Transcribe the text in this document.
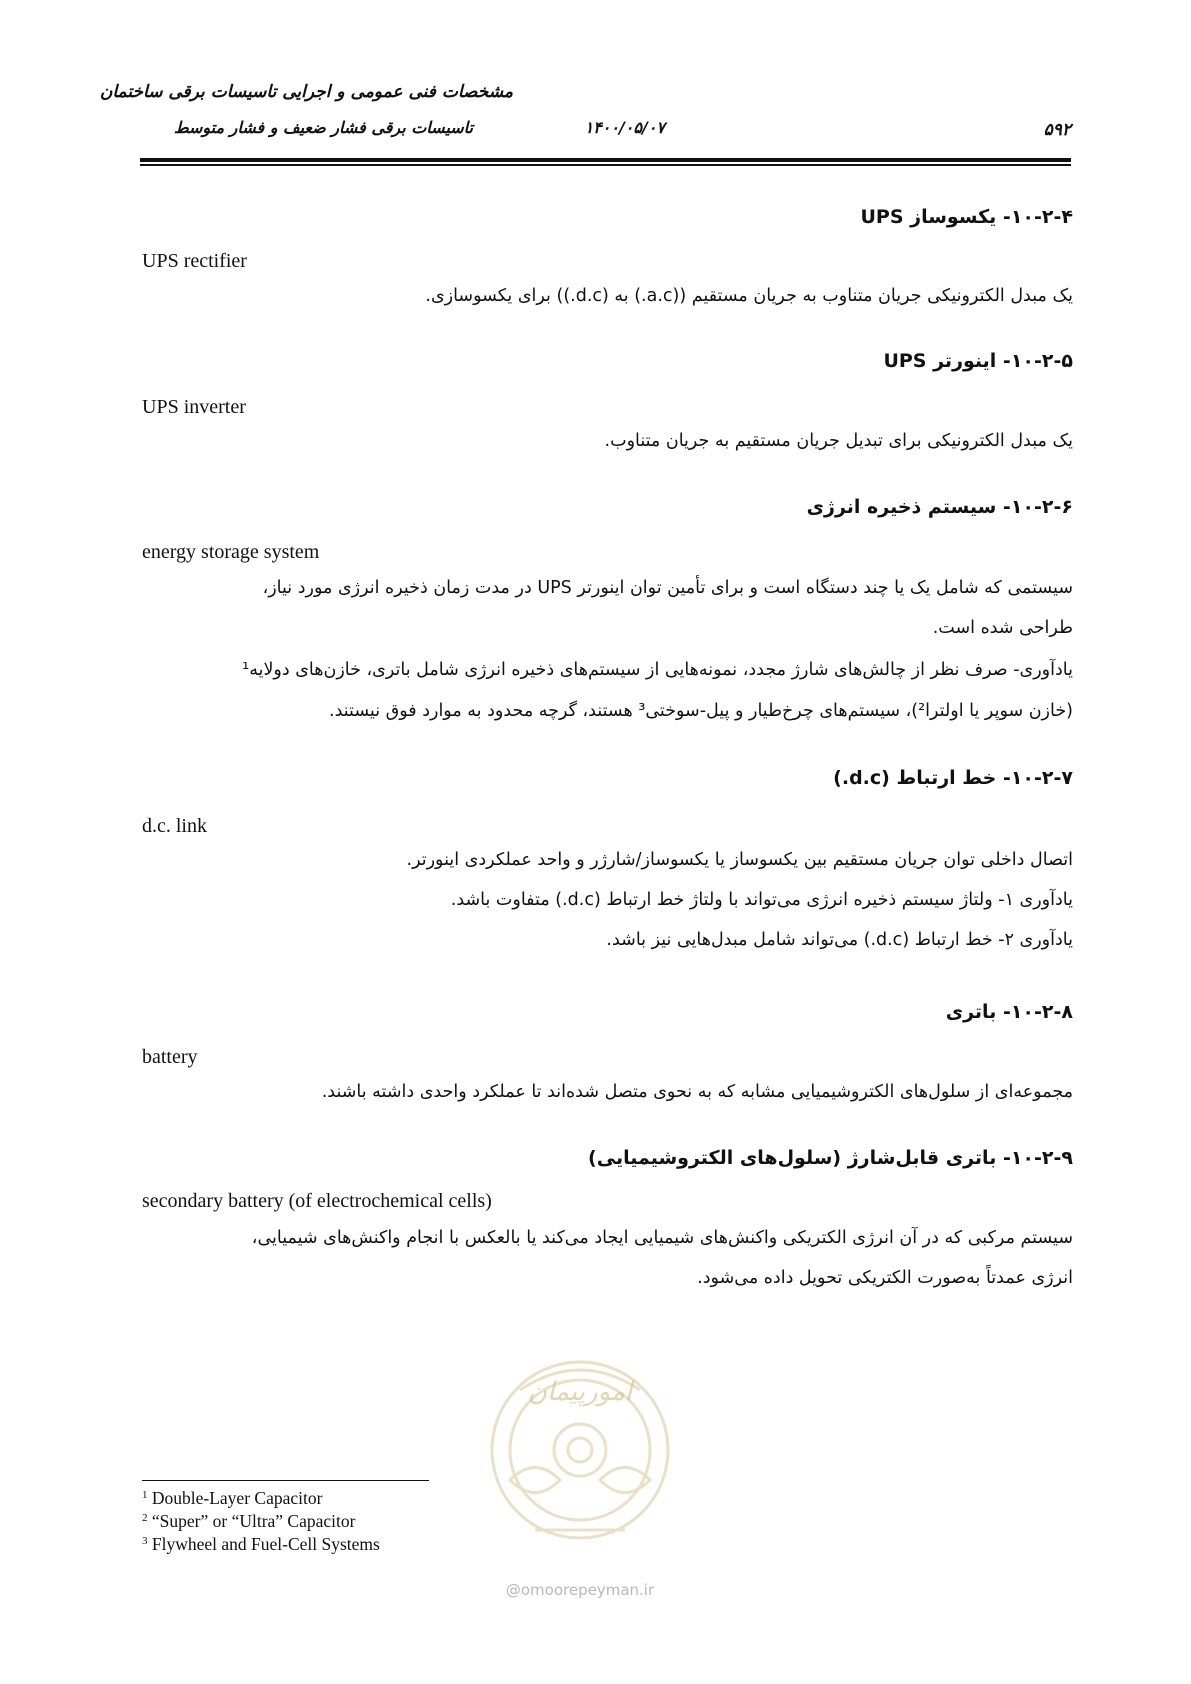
مشخصات فنی عمومی و اجرایی تاسیسات برقی ساختمان
تاسیسات برقی فشار ضعیف و فشار متوسط	۱۴۰۰/۰۵/۰۷	۵۹۲
امورپیمان
@omoorepeyman.ir
۱۰-۲-۴- یکسوساز UPS
UPS rectifier
یک مبدل الکترونیکی جریان متناوب به جریان مستقیم ((a.c.) به (d.c.)) برای یکسوسازی.
۱۰-۲-۵- اینورتر UPS
UPS inverter
یک مبدل الکترونیکی برای تبدیل جریان مستقیم به جریان متناوب.
۱۰-۲-۶- سیستم ذخیره انرژی
energy storage system
سیستمی که شامل یک یا چند دستگاه است و برای تأمین توان اینورتر UPS در مدت زمان ذخیره انرژی مورد نیاز،
طراحی شده است.
یادآوری- صرف نظر از چالش‌های شارژ مجدد، نمونه‌هایی از سیستم‌های ذخیره انرژی شامل باتری، خازن‌های دولایه¹
(خازن سوپر یا اولترا²)، سیستم‌های چرخ‌طیار و پیل-سوختی³ هستند، گرچه محدود به موارد فوق نیستند.
۱۰-۲-۷- خط ارتباط (d.c.)
d.c. link
اتصال داخلی توان جریان مستقیم بین یکسوساز یا یکسوساز/شارژر و واحد عملکردی اینورتر.
یادآوری ۱- ولتاژ سیستم ذخیره انرژی می‌تواند با ولتاژ خط ارتباط (d.c.) متفاوت باشد.
یادآوری ۲- خط ارتباط (d.c.) می‌تواند شامل مبدل‌هایی نیز باشد.
۱۰-۲-۸- باتری
battery
مجموعه‌ای از سلول‌های الکتروشیمیایی مشابه که به نحوی متصل شده‌اند تا عملکرد واحدی داشته باشند.
۱۰-۲-۹- باتری قابل‌شارژ (سلول‌های الکتروشیمیایی)
secondary battery (of electrochemical cells)
سیستم مرکبی که در آن انرژی الکتریکی واکنش‌های شیمیایی ایجاد می‌کند یا بالعکس با انجام واکنش‌های شیمیایی،
انرژی عمدتاً به‌صورت الکتریکی تحویل داده می‌شود.
$^1$ Double-Layer Capacitor
$^2$ “Super” or “Ultra” Capacitor
$^3$ Flywheel and Fuel-Cell Systems
